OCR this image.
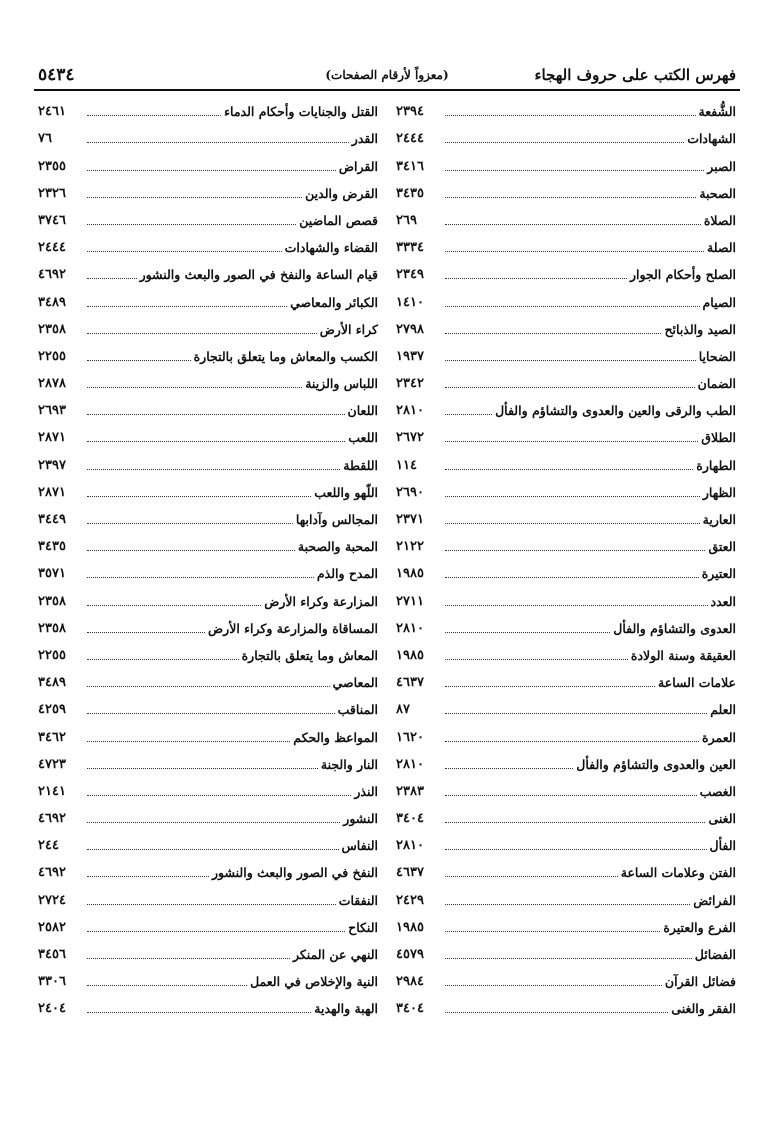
فهرس الكتب على حروف الهجاء
(معزواً لأرقام الصفحات)
٥٤٣٤
الشُّفعة
٢٣٩٤
الشهادات
٢٤٤٤
الصبر
٣٤١٦
الصحبة
٣٤٣٥
الصلاة
٢٦٩
الصلة
٣٣٣٤
الصلح وأحكام الجوار
٢٣٤٩
الصيام
١٤١٠
الصيد والذبائح
٢٧٩٨
الضحايا
١٩٣٧
الضمان
٢٣٤٢
الطب والرقى والعين والعدوى والتشاؤم والفأل
٢٨١٠
الطلاق
٢٦٧٢
الطهارة
١١٤
الظهار
٢٦٩٠
العارية
٢٣٧١
العتق
٢١٢٢
العتيرة
١٩٨٥
العدد
٢٧١١
العدوى والتشاؤم والفأل
٢٨١٠
العقيقة وسنة الولادة
١٩٨٥
علامات الساعة
٤٦٣٧
العلم
٨٧
العمرة
١٦٢٠
العين والعدوى والتشاؤم والفأل
٢٨١٠
الغصب
٢٣٨٣
الغنى
٣٤٠٤
الفأل
٢٨١٠
الفتن وعلامات الساعة
٤٦٣٧
الفرائض
٢٤٢٩
الفرع والعتيرة
١٩٨٥
الفضائل
٤٥٧٩
فضائل القرآن
٢٩٨٤
الفقر والغنى
٣٤٠٤
القتل والجنايات وأحكام الدماء
٢٤٦١
القدر
٧٦
القراض
٢٣٥٥
القرض والدين
٢٣٢٦
قصص الماضين
٣٧٤٦
القضاء والشهادات
٢٤٤٤
قيام الساعة والنفخ في الصور والبعث والنشور
٤٦٩٢
الكبائر والمعاصي
٣٤٨٩
كراء الأرض
٢٣٥٨
الكسب والمعاش وما يتعلق بالتجارة
٢٢٥٥
اللباس والزينة
٢٨٧٨
اللعان
٢٦٩٣
اللعب
٢٨٧١
اللقطة
٢٣٩٧
اللّهو واللعب
٢٨٧١
المجالس وآدابها
٣٤٤٩
المحبة والصحبة
٣٤٣٥
المدح والذم
٣٥٧١
المزارعة وكراء الأرض
٢٣٥٨
المساقاة والمزارعة وكراء الأرض
٢٣٥٨
المعاش وما يتعلق بالتجارة
٢٢٥٥
المعاصي
٣٤٨٩
المناقب
٤٢٥٩
المواعظ والحكم
٣٤٦٢
النار والجنة
٤٧٢٣
النذر
٢١٤١
النشور
٤٦٩٢
النفاس
٢٤٤
النفخ في الصور والبعث والنشور
٤٦٩٢
النفقات
٢٧٢٤
النكاح
٢٥٨٢
النهي عن المنكر
٣٤٥٦
النية والإخلاص في العمل
٣٣٠٦
الهبة والهدية
٢٤٠٤
